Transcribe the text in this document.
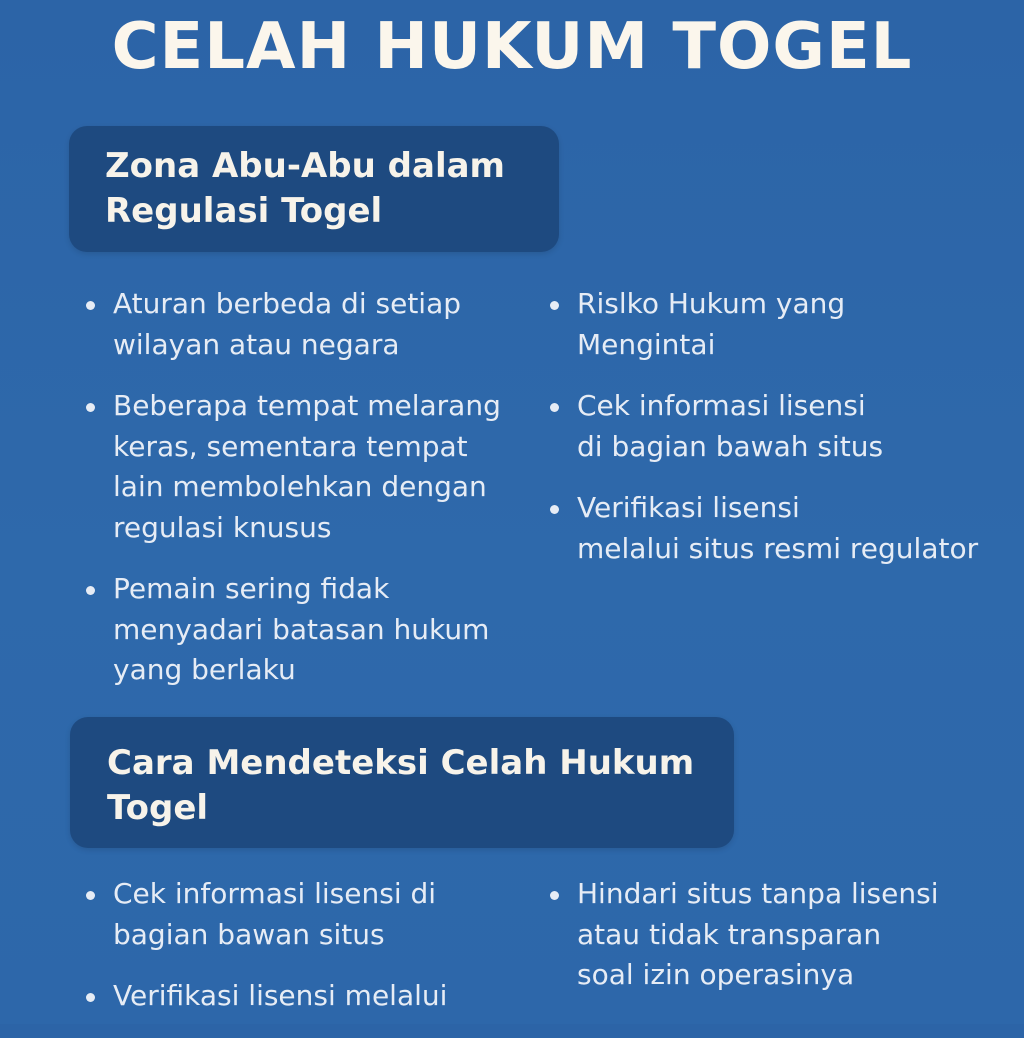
CELAH HUKUM TOGEL
Zona Abu-Abu dalam
Regulasi Togel
Aturan berbeda di setiap
wilayan atau negara
Beberapa tempat melarang
keras, sementara tempat
lain membolehkan dengan
regulasi knusus
Pemain sering fidak
menyadari batasan hukum
yang berlaku
Rislko Hukum yang
Mengintai
Cek informasi lisensi
di bagian bawah situs
Verifikasi lisensi
melalui situs resmi regulator
Cara Mendeteksi Celah Hukum
Togel
Cek informasi lisensi di
bagian bawan situs
Verifikasi lisensi melalui
Hindari situs tanpa lisensi
atau tidak transparan
soal izin operasinya
